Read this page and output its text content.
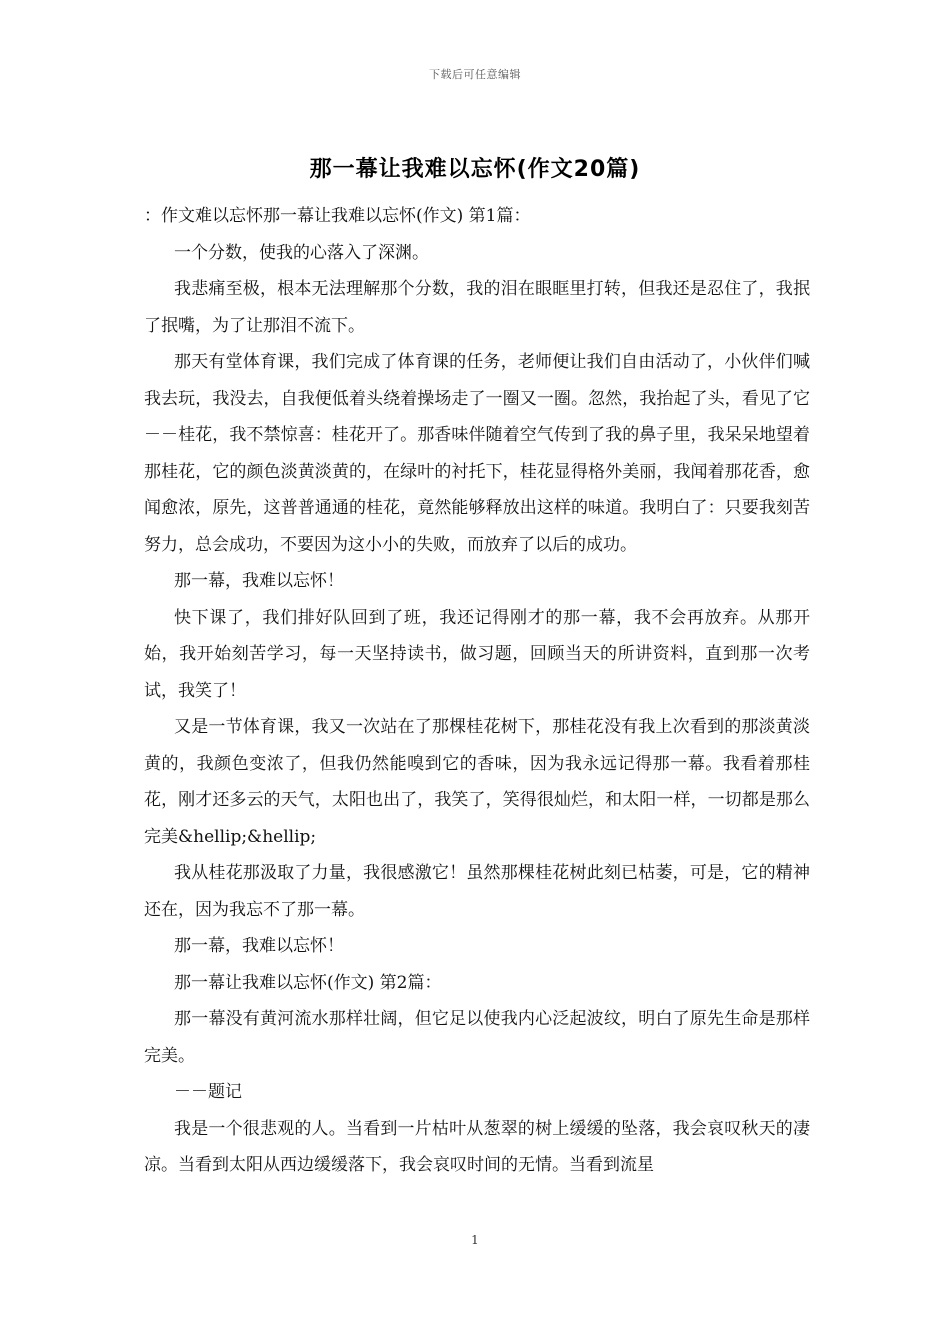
下载后可任意编辑
那一幕让我难以忘怀(作文20篇)

：作文难以忘怀那一幕让我难以忘怀(作文) 第1篇：

一个分数，使我的心落入了深渊。

我悲痛至极，根本无法理解那个分数，我的泪在眼眶里打转，但我还是忍住了，我抿了抿嘴，为了让那泪不流下。

那天有堂体育课，我们完成了体育课的任务，老师便让我们自由活动了，小伙伴们喊我去玩，我没去，自我便低着头绕着操场走了一圈又一圈。忽然，我抬起了头，看见了它－－桂花，我不禁惊喜：桂花开了。那香味伴随着空气传到了我的鼻子里，我呆呆地望着那桂花，它的颜色淡黄淡黄的，在绿叶的衬托下，桂花显得格外美丽，我闻着那花香，愈闻愈浓，原先，这普普通通的桂花，竟然能够释放出这样的味道。我明白了：只要我刻苦努力，总会成功，不要因为这小小的失败，而放弃了以后的成功。

那一幕，我难以忘怀！

快下课了，我们排好队回到了班，我还记得刚才的那一幕，我不会再放弃。从那开始，我开始刻苦学习，每一天坚持读书，做习题，回顾当天的所讲资料，直到那一次考试，我笑了！

又是一节体育课，我又一次站在了那棵桂花树下，那桂花没有我上次看到的那淡黄淡黄的，我颜色变浓了，但我仍然能嗅到它的香味，因为我永远记得那一幕。我看着那桂花，刚才还多云的天气，太阳也出了，我笑了，笑得很灿烂，和太阳一样，一切都是那么完美&hellip;&hellip;

我从桂花那汲取了力量，我很感激它！虽然那棵桂花树此刻已枯萎，可是，它的精神还在，因为我忘不了那一幕。

那一幕，我难以忘怀！

那一幕让我难以忘怀(作文) 第2篇：

那一幕没有黄河流水那样壮阔，但它足以使我内心泛起波纹，明白了原先生命是那样完美。

－－题记

我是一个很悲观的人。当看到一片枯叶从葱翠的树上缓缓的坠落，我会哀叹秋天的凄凉。当看到太阳从西边缓缓落下，我会哀叹时间的无情。当看到流星

1
